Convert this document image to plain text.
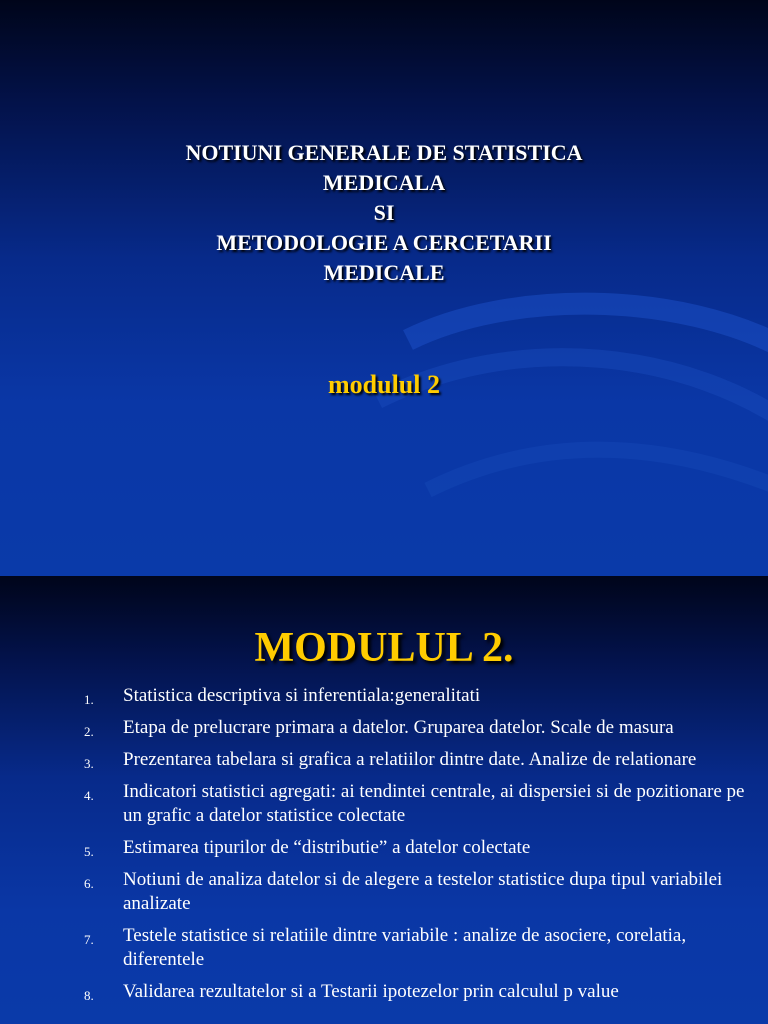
NOTIUNI GENERALE DE STATISTICA
MEDICALA
SI
METODOLOGIE A CERCETARII
MEDICALE
modulul 2
MODULUL 2.
1. Statistica descriptiva si inferentiala:generalitati
2. Etapa de prelucrare primara a datelor. Gruparea datelor. Scale de masura
3. Prezentarea tabelara si grafica a relatiilor dintre date. Analize de relationare
4. Indicatori statistici agregati: ai tendintei centrale, ai dispersiei si de pozitionare pe un grafic a datelor statistice colectate
5. Estimarea tipurilor de “distributie” a datelor colectate
6. Notiuni de analiza datelor si de alegere a testelor statistice dupa tipul variabilei analizate
7. Testele statistice si relatiile dintre variabile : analize de asociere, corelatia, diferentele
8. Validarea rezultatelor si a Testarii ipotezelor prin calculul p value
